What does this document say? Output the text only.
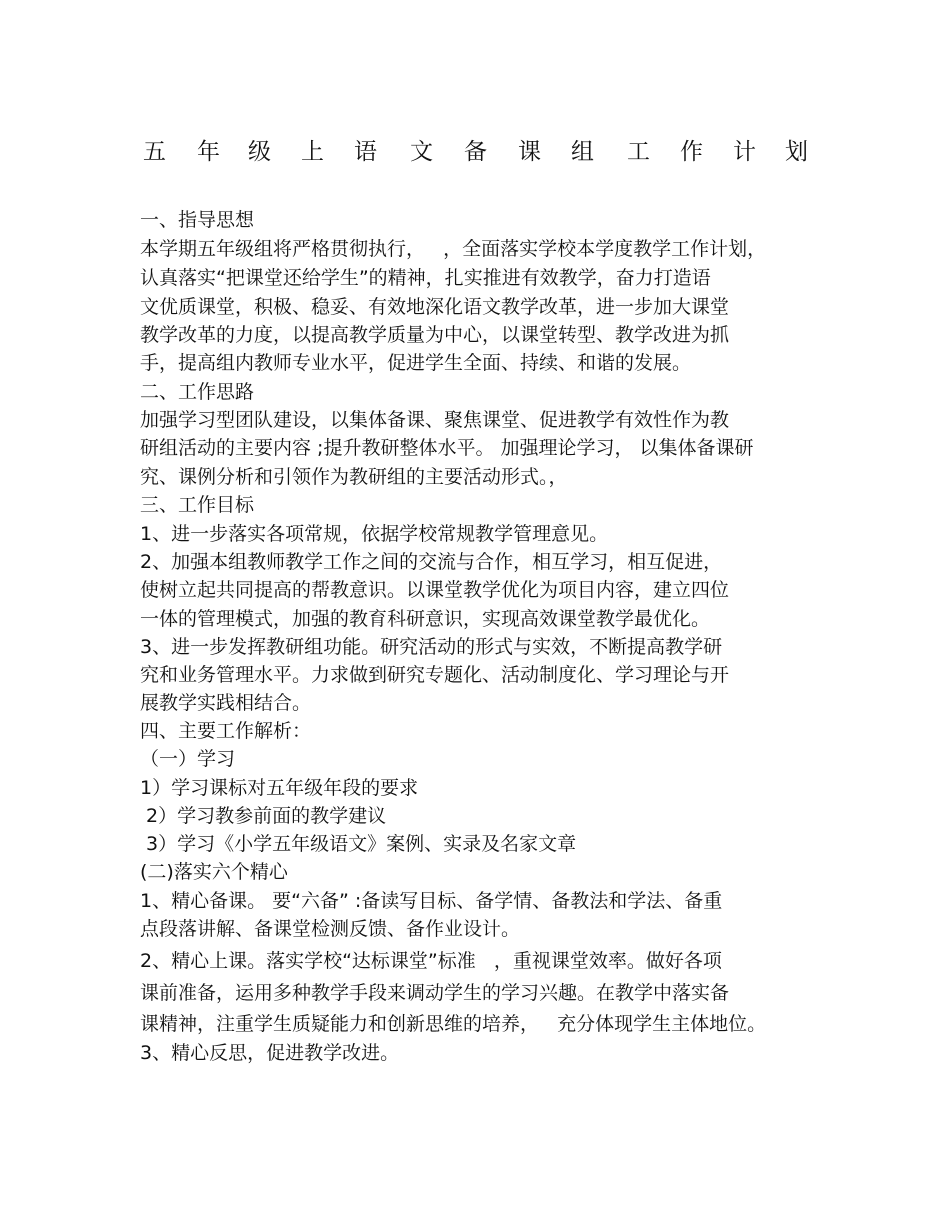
五 年 级 上 语 文 备 课 组 工 作 计 划
一、指导思想
本学期五年级组将严格贯彻执行，   ，全面落实学校本学度教学工作计划，
认真落实“把课堂还给学生”的精神，扎实推进有效教学，奋力打造语
文优质课堂，积极、稳妥、有效地深化语文教学改革，进一步加大课堂
教学改革的力度，以提高教学质量为中心，以课堂转型、教学改进为抓
手，提高组内教师专业水平，促进学生全面、持续、和谐的发展。
二、工作思路
加强学习型团队建设，以集体备课、聚焦课堂、促进教学有效性作为教
研组活动的主要内容 ;提升教研整体水平。 加强理论学习， 以集体备课研
究、课例分析和引领作为教研组的主要活动形式。，
三、工作目标
1、进一步落实各项常规，依据学校常规教学管理意见。
2、加强本组教师教学工作之间的交流与合作，相互学习，相互促进，
使树立起共同提高的帮教意识。以课堂教学优化为项目内容，建立四位
一体的管理模式，加强的教育科研意识，实现高效课堂教学最优化。
3、进一步发挥教研组功能。研究活动的形式与实效，不断提高教学研
究和业务管理水平。力求做到研究专题化、活动制度化、学习理论与开
展教学实践相结合。
四、主要工作解析：
（一）学习
1）学习课标对五年级年段的要求
2）学习教参前面的教学建议
3）学习《小学五年级语文》案例、实录及名家文章
(二)落实六个精心
1、精心备课。 要“六备” :备读写目标、备学情、备教法和学法、备重
点段落讲解、备课堂检测反馈、备作业设计。
2、精心上课。落实学校“达标课堂”标准   ，重视课堂效率。做好各项
课前准备，运用多种教学手段来调动学生的学习兴趣。在教学中落实备
课精神，注重学生质疑能力和创新思维的培养，   充分体现学生主体地位。
3、精心反思，促进教学改进。
